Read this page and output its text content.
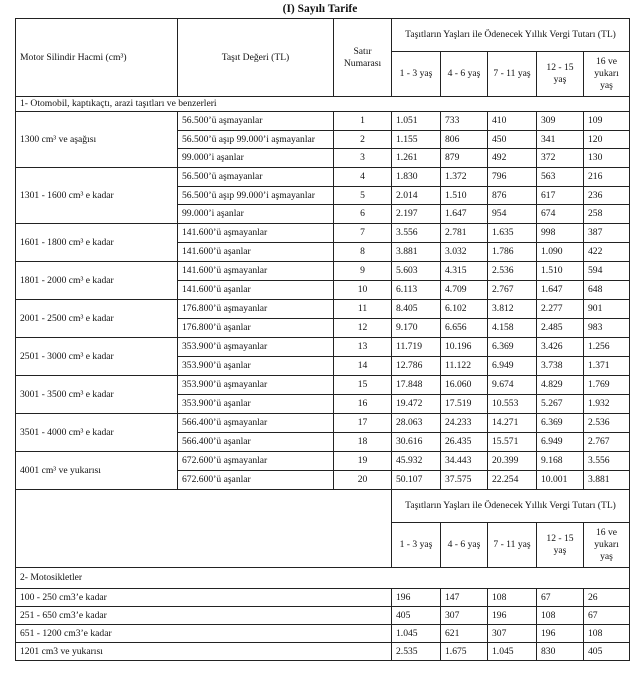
(I) Sayılı Tarife
Motor Silindir Hacmi (cm³)	Taşıt Değeri (TL)	Satır Numarası	Taşıtların Yaşları ile Ödenecek Yıllık Vergi Tutarı (TL)				
			1 - 3 yaş	4 - 6 yaş	7 - 11 yaş	12 - 15 yaş	16 ve yukarı yaş
1- Otomobil, kaptıkaçtı, arazi taşıtları ve benzerleri							
1300 cm³ ve aşağısı	56.500’ü aşmayanlar	1	1.051	733	410	309	109
	56.500’ü aşıp 99.000’i aşmayanlar	2	1.155	806	450	341	120
	99.000’i aşanlar	3	1.261	879	492	372	130
1301 - 1600 cm³ e kadar	56.500’ü aşmayanlar	4	1.830	1.372	796	563	216
	56.500’ü aşıp 99.000’i aşmayanlar	5	2.014	1.510	876	617	236
	99.000’i aşanlar	6	2.197	1.647	954	674	258
1601 - 1800 cm³ e kadar	141.600’ü aşmayanlar	7	3.556	2.781	1.635	998	387
	141.600’ü aşanlar	8	3.881	3.032	1.786	1.090	422
1801 - 2000 cm³ e kadar	141.600’ü aşmayanlar	9	5.603	4.315	2.536	1.510	594
	141.600’ü aşanlar	10	6.113	4.709	2.767	1.647	648
2001 - 2500 cm³ e kadar	176.800’ü aşmayanlar	11	8.405	6.102	3.812	2.277	901
	176.800’ü aşanlar	12	9.170	6.656	4.158	2.485	983
2501 - 3000 cm³ e kadar	353.900’ü aşmayanlar	13	11.719	10.196	6.369	3.426	1.256
	353.900’ü aşanlar	14	12.786	11.122	6.949	3.738	1.371
3001 - 3500 cm³ e kadar	353.900’ü aşmayanlar	15	17.848	16.060	9.674	4.829	1.769
	353.900’ü aşanlar	16	19.472	17.519	10.553	5.267	1.932
3501 - 4000 cm³ e kadar	566.400’ü aşmayanlar	17	28.063	24.233	14.271	6.369	2.536
	566.400’ü aşanlar	18	30.616	26.435	15.571	6.949	2.767
4001 cm³ ve yukarısı	672.600’ü aşmayanlar	19	45.932	34.443	20.399	9.168	3.556
	672.600’ü aşanlar	20	50.107	37.575	22.254	10.001	3.881
			Taşıtların Yaşları ile Ödenecek Yıllık Vergi Tutarı (TL)				
			1 - 3 yaş	4 - 6 yaş	7 - 11 yaş	12 - 15 yaş	16 ve yukarı yaş
2- Motosikletler							
100 - 250 cm3’e kadar			196	147	108	67	26
251 - 650 cm3’e kadar			405	307	196	108	67
651 - 1200 cm3’e kadar			1.045	621	307	196	108
1201 cm3 ve yukarısı			2.535	1.675	1.045	830	405
